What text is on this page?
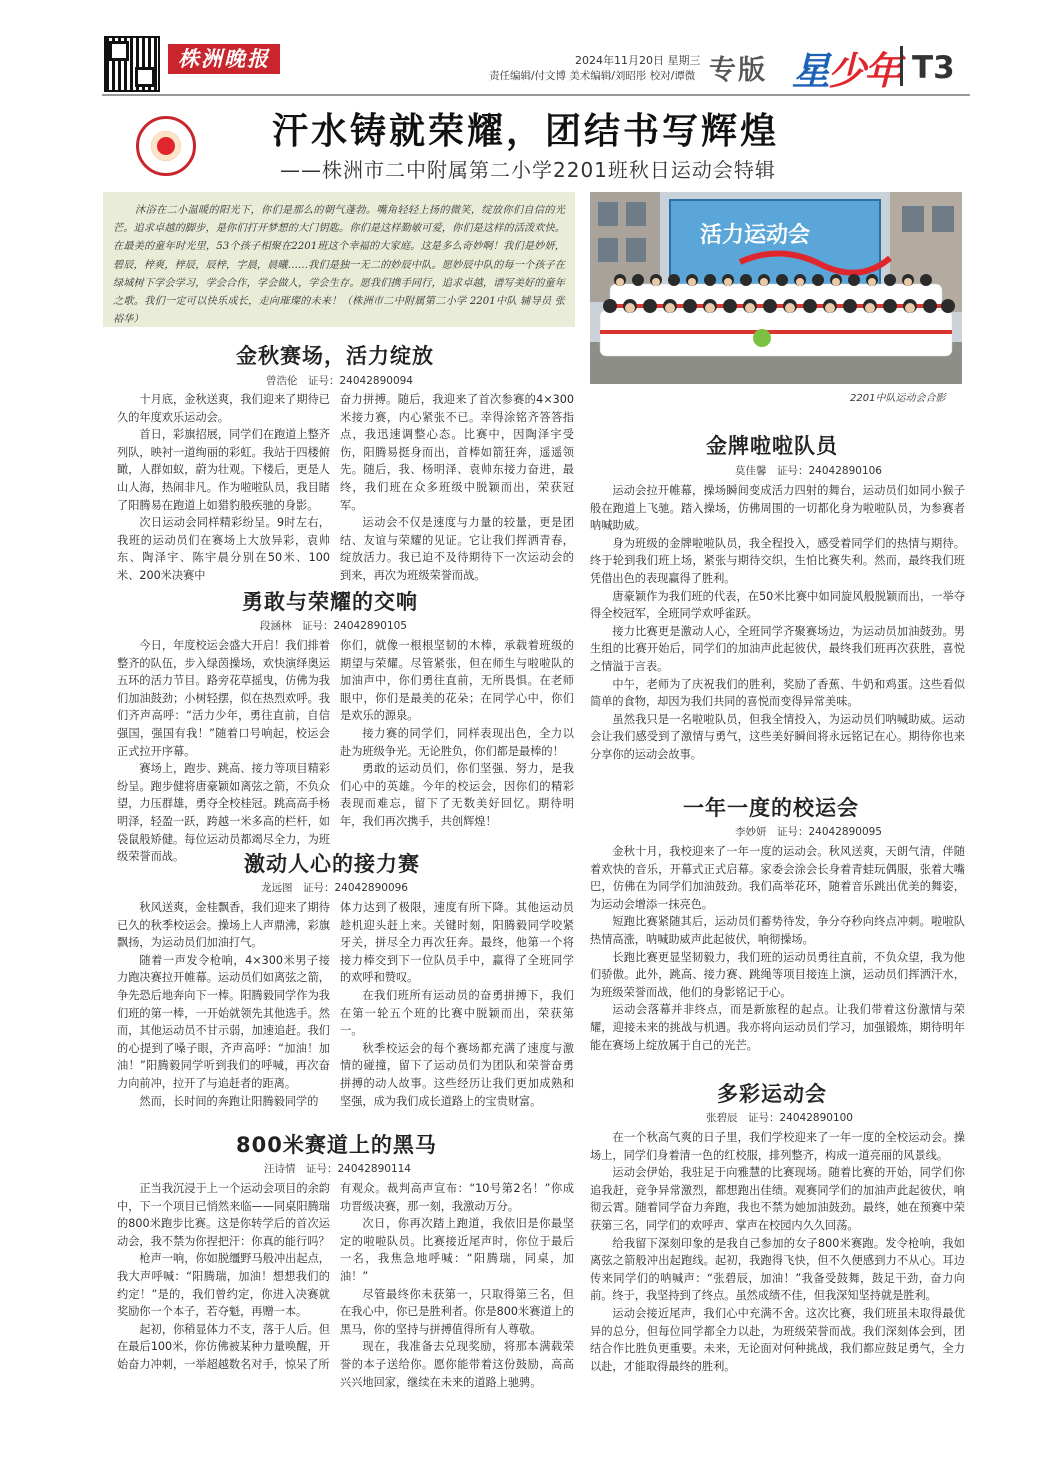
株洲晚报	2024年11月20日 星期三
责任编辑/付文博 美术编辑/刘昭彤 校对/谭微 专版 星少年 T3
汗水铸就荣耀，团结书写辉煌
——株洲市二中附属第二小学2201班秋日运动会特辑
沐浴在二小温暖的阳光下，你们是那么的朝气蓬勃。嘴角轻轻上扬的微笑，绽放你们自信的光芒。追求卓越的脚步，是你们打开梦想的大门钥匙。你们是这样勤敏可爱，你们是这样的活泼欢快。在最美的童年时光里，53个孩子相聚在2201班这个幸福的大家庭。这是多么奇妙啊！我们是妙妍，碧辰，梓爽，梓辰，辰梓，字晨，晨曦……我们是独一无二的妙辰中队。愿妙辰中队的每一个孩子在绿城树下学会学习，学会合作，学会做人，学会生存。愿我们携手同行，追求卓越，谱写美好的童年之歌。我们一定可以快乐成长，走向璀璨的未来！（株洲市二中附属第二小学 2201中队 辅导员 张裕华）
活力运动会
2201中队运动会合影
金秋赛场，活力绽放
曾浩伦　证号：24042890094

十月底，金秋送爽，我们迎来了期待已久的年度欢乐运动会。

首日，彩旗招展，同学们在跑道上整齐列队，映衬一道绚丽的彩虹。我站于四楼俯瞰，人群如蚁，蔚为壮观。下楼后，更是人山人海，热闹非凡。作为啦啦队员，我目睹了阳腾易在跑道上如猎豹般疾驰的身影。

次日运动会同样精彩纷呈。9时左右，我班的运动员们在赛场上大放异彩，袁帅东、陶泽宇、陈宇晨分别在50米、100米、200米决赛中

奋力拼搏。随后，我迎来了首次参赛的4×300米接力赛，内心紧张不已。幸得涂铭齐答答指点，我迅速调整心态。比赛中，因陶泽宇受伤，阳腾易挺身而出，首棒如箭狂奔，遥遥领先。随后，我、杨明泽、袁帅东接力奋进，最终，我们班在众多班级中脱颖而出，荣获冠军。

运动会不仅是速度与力量的较量，更是团结、友谊与荣耀的见证。它让我们挥洒青春，绽放活力。我已迫不及待期待下一次运动会的到来，再次为班级荣誉而战。

勇敢与荣耀的交响
段涵林　证号：24042890105

今日，年度校运会盛大开启！我们排着整齐的队伍，步入绿茵操场，欢快演绎奥运五环的活力节目。路旁花草摇曳，仿佛为我们加油鼓劲；小树轻摆，似在热烈欢呼。我们齐声高呼：“活力少年，勇往直前，自信强国，强国有我！”随着口号响起，校运会正式拉开序幕。

赛场上，跑步、跳高、接力等项目精彩纷呈。跑步健将唐豪颖如离弦之箭，不负众望，力压群雄，勇夺全校桂冠。跳高高手杨明泽，轻盈一跃，跨越一米多高的栏杆，如袋鼠般矫健。每位运动员都竭尽全力，为班级荣誉而战。

你们，就像一根根坚韧的木棒，承载着班级的期望与荣耀。尽管紧张，但在师生与啦啦队的加油声中，你们勇往直前，无所畏惧。在老师眼中，你们是最美的花朵；在同学心中，你们是欢乐的源泉。

接力赛的同学们，同样表现出色，全力以赴为班级争光。无论胜负，你们都是最棒的！

勇敢的运动员们，你们坚强、努力，是我们心中的英雄。今年的校运会，因你们的精彩表现而难忘，留下了无数美好回忆。期待明年，我们再次携手，共创辉煌！

激动人心的接力赛
龙远图　证号：24042890096

秋风送爽，金桂飘香，我们迎来了期待已久的秋季校运会。操场上人声鼎沸，彩旗飘扬，为运动员们加油打气。

随着一声发令枪响，4×300米男子接力跑决赛拉开帷幕。运动员们如离弦之箭，争先恐后地奔向下一棒。阳腾毅同学作为我们班的第一棒，一开始就领先其他选手。然而，其他运动员不甘示弱，加速追赶。我们的心提到了嗓子眼，齐声高呼：“加油！加油！”阳腾毅同学听到我们的呼喊，再次奋力向前冲，拉开了与追赶者的距离。

然而，长时间的奔跑让阳腾毅同学的

体力达到了极限，速度有所下降。其他运动员趁机迎头赶上来。关键时刻，阳腾毅同学咬紧牙关，拼尽全力再次狂奔。最终，他第一个将接力棒交到下一位队员手中，赢得了全班同学的欢呼和赞叹。

在我们班所有运动员的奋勇拼搏下，我们在第一轮五个班的比赛中脱颖而出，荣获第一。

秋季校运会的每个赛场都充满了速度与激情的碰撞，留下了运动员们为团队和荣誉奋勇拼搏的动人故事。这些经历让我们更加成熟和坚强，成为我们成长道路上的宝贵财富。

800米赛道上的黑马
汪诗情　证号：24042890114

正当我沉浸于上一个运动会项目的余韵中，下一个项目已悄然来临——同桌阳腾瑞的800米跑步比赛。这是你转学后的首次运动会，我不禁为你捏把汗：你真的能行吗？

枪声一响，你如脱缰野马般冲出起点，我大声呼喊：“阳腾瑞，加油！想想我们的约定！”是的，我们曾约定，你进入决赛就奖励你一个本子，若夺魁，再赠一本。

起初，你稍显体力不支，落于人后。但在最后100米，你仿佛被某种力量唤醒，开始奋力冲刺，一举超越数名对手，惊呆了所

有观众。裁判高声宣布：“10号第2名！”你成功晋级决赛，那一刻，我激动万分。

次日，你再次踏上跑道，我依旧是你最坚定的啦啦队员。比赛接近尾声时，你位于最后一名，我焦急地呼喊：“阳腾瑞，同桌，加油！”

尽管最终你未获第一，只取得第三名，但在我心中，你已是胜利者。你是800米赛道上的黑马，你的坚持与拼搏值得所有人尊敬。

现在，我准备去兑现奖励，将那本满载荣誉的本子送给你。愿你能带着这份鼓励，高高兴兴地回家，继续在未来的道路上驰骋。

金牌啦啦队员
莫佳馨　证号：24042890106

运动会拉开帷幕，操场瞬间变成活力四射的舞台，运动员们如同小猴子般在跑道上飞驰。踏入操场，仿佛周围的一切都化身为啦啦队员，为参赛者呐喊助威。

身为班级的金牌啦啦队员，我全程投入，感受着同学们的热情与期待。终于轮到我们班上场，紧张与期待交织，生怕比赛失利。然而，最终我们班凭借出色的表现赢得了胜利。

唐豪颖作为我们班的代表，在50米比赛中如同旋风般脱颖而出，一举夺得全校冠军，全班同学欢呼雀跃。

接力比赛更是激动人心，全班同学齐聚赛场边，为运动员加油鼓劲。男生组的比赛开始后，同学们的加油声此起彼伏，最终我们班再次获胜，喜悦之情溢于言表。

中午，老师为了庆祝我们的胜利，奖励了香蕉、牛奶和鸡蛋。这些看似简单的食物，却因为我们共同的喜悦而变得异常美味。

虽然我只是一名啦啦队员，但我全情投入，为运动员们呐喊助威。运动会让我们感受到了激情与勇气，这些美好瞬间将永远铭记在心。期待你也来分享你的运动会故事。

一年一度的校运会
李妙妍　证号：24042890095

金秋十月，我校迎来了一年一度的运动会。秋风送爽，天朗气清，伴随着欢快的音乐，开幕式正式启幕。家委会涂会长身着青蛙玩偶服，张着大嘴巴，仿佛在为同学们加油鼓劲。我们高举花环，随着音乐跳出优美的舞姿，为运动会增添一抹亮色。

短跑比赛紧随其后，运动员们蓄势待发，争分夺秒向终点冲刺。啦啦队热情高涨，呐喊助威声此起彼伏，响彻操场。

长跑比赛更显坚韧毅力，我们班的运动员勇往直前，不负众望，我为他们骄傲。此外，跳高、接力赛、跳绳等项目接连上演，运动员们挥洒汗水，为班级荣誉而战，他们的身影铭记于心。

运动会落幕并非终点，而是新旅程的起点。让我们带着这份激情与荣耀，迎接未来的挑战与机遇。我亦将向运动员们学习，加强锻炼，期待明年能在赛场上绽放属于自己的光芒。

多彩运动会
张碧辰　证号：24042890100

在一个秋高气爽的日子里，我们学校迎来了一年一度的全校运动会。操场上，同学们身着清一色的红校服，排列整齐，构成一道亮丽的风景线。

运动会伊始，我驻足于向雅慧的比赛现场。随着比赛的开始，同学们你追我赶，竞争异常激烈，都想跑出佳绩。观赛同学们的加油声此起彼伏，响彻云霄。随着同学奋力奔跑，我也不禁为她加油鼓劲。最终，她在预赛中荣获第三名，同学们的欢呼声、掌声在校园内久久回荡。

给我留下深刻印象的是我自己参加的女子800米赛跑。发令枪响，我如离弦之箭般冲出起跑线。起初，我跑得飞快，但不久便感到力不从心。耳边传来同学们的呐喊声：“张碧辰，加油！”我备受鼓舞，鼓足干劲，奋力向前。终于，我坚持到了终点。虽然成绩不佳，但我深知坚持就是胜利。

运动会接近尾声，我们心中充满不舍。这次比赛，我们班虽未取得最优异的总分，但每位同学都全力以赴，为班级荣誉而战。我们深刻体会到，团结合作比胜负更重要。未来，无论面对何种挑战，我们都应鼓足勇气，全力以赴，才能取得最终的胜利。
